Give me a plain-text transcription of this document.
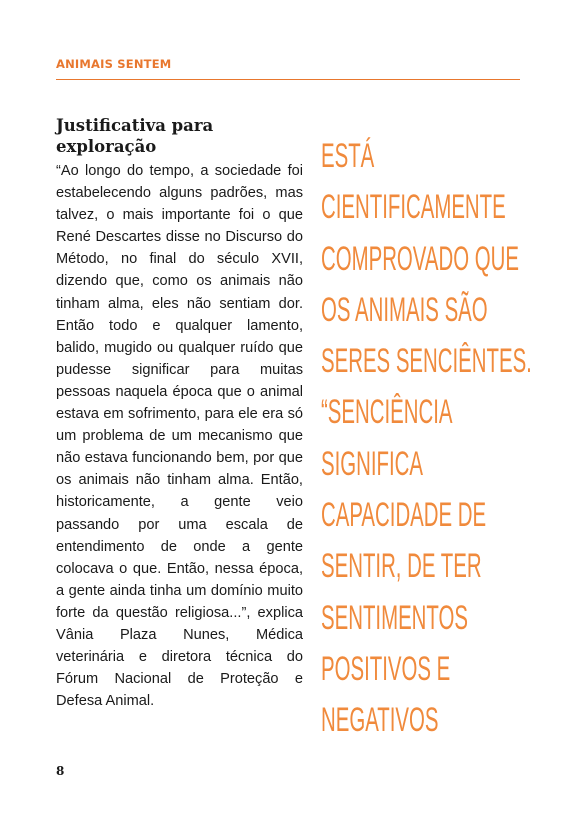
ANIMAIS SENTEM
Justificativa para exploração
“Ao longo do tempo, a sociedade foi estabelecendo alguns padrões, mas talvez, o mais importante foi o que René Descartes disse no Discurso do Método, no final do século XVII, dizendo que, como os animais não tinham alma, eles não sentiam dor. Então todo e qualquer lamento, balido, mugido ou qualquer ruído que pudesse significar para muitas pessoas naquela época que o animal estava em sofrimento, para ele era só um problema de um mecanismo que não estava funcionando bem, por que os animais não tinham alma. Então, historicamente, a gente veio passando por uma escala de entendimento de onde a gente colocava o que. Então, nessa época, a gente ainda tinha um domínio muito forte da questão religiosa...”, explica Vânia Plaza Nunes, Médica veterinária e diretora técnica do Fórum Nacional de Proteção e Defesa Animal.
ESTÁ
CIENTIFICAMENTE
COMPROVADO QUE
OS ANIMAIS SÃO
SERES SENCIÊNTES.
“SENCIÊNCIA
SIGNIFICA
CAPACIDADE DE
SENTIR, DE TER
SENTIMENTOS
POSITIVOS E
NEGATIVOS
8
